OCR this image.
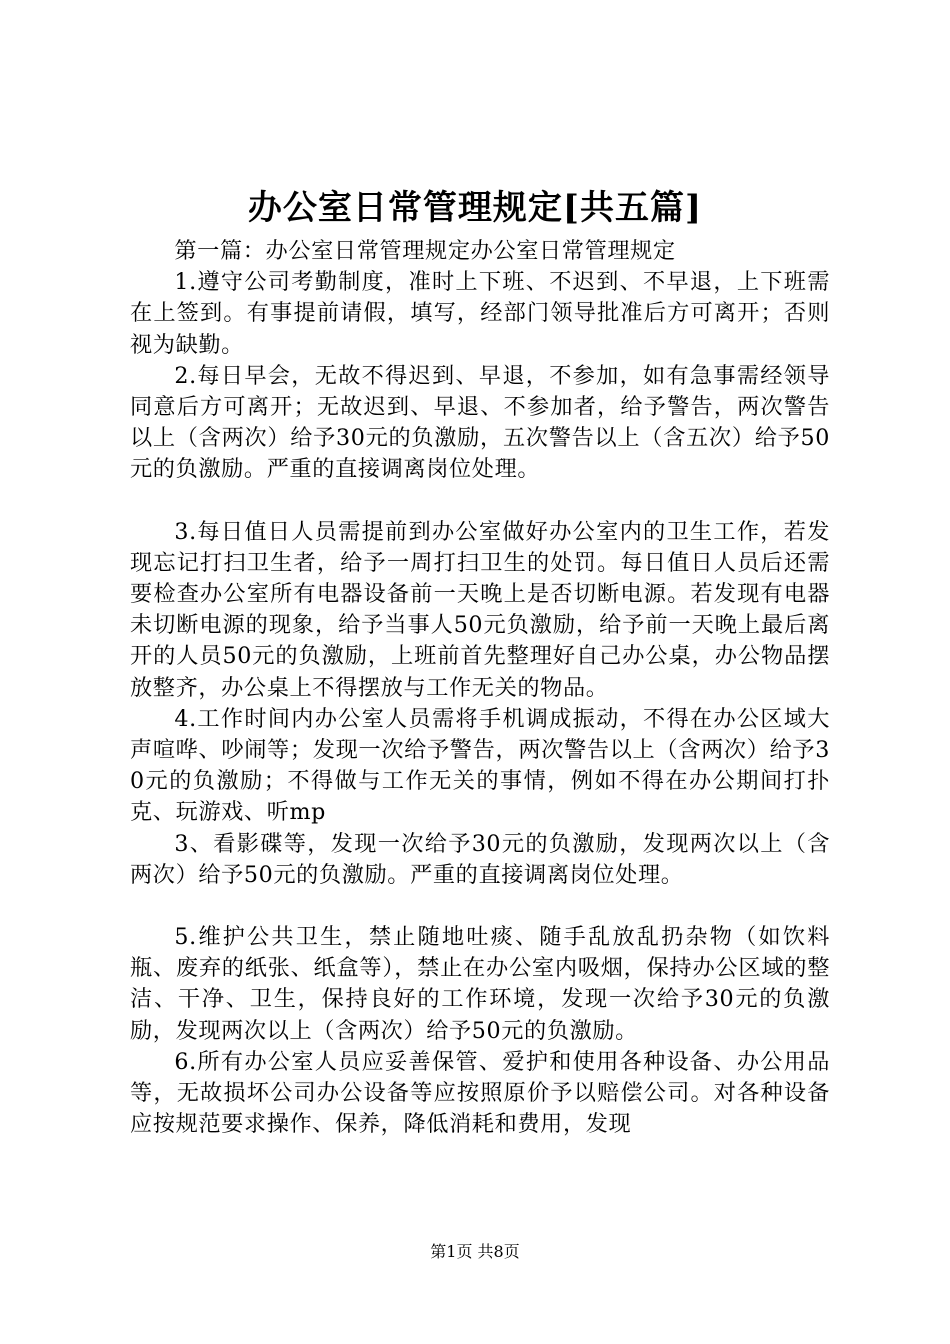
办公室日常管理规定[共五篇]

第一篇：办公室日常管理规定办公室日常管理规定

1.遵守公司考勤制度，准时上下班、不迟到、不早退，上下班需在上签到。有事提前请假，填写，经部门领导批准后方可离开；否则视为缺勤。

2.每日早会，无故不得迟到、早退，不参加，如有急事需经领导同意后方可离开；无故迟到、早退、不参加者，给予警告，两次警告以上（含两次）给予30元的负激励，五次警告以上（含五次）给予50元的负激励。严重的直接调离岗位处理。

3.每日值日人员需提前到办公室做好办公室内的卫生工作，若发现忘记打扫卫生者，给予一周打扫卫生的处罚。每日值日人员后还需要检查办公室所有电器设备前一天晚上是否切断电源。若发现有电器未切断电源的现象，给予当事人50元负激励，给予前一天晚上最后离开的人员50元的负激励，上班前首先整理好自己办公桌，办公物品摆放整齐，办公桌上不得摆放与工作无关的物品。

4.工作时间内办公室人员需将手机调成振动，不得在办公区域大声喧哗、吵闹等；发现一次给予警告，两次警告以上（含两次）给予30元的负激励；不得做与工作无关的事情，例如不得在办公期间打扑克、玩游戏、听mp

3、看影碟等，发现一次给予30元的负激励，发现两次以上（含两次）给予50元的负激励。严重的直接调离岗位处理。

5.维护公共卫生，禁止随地吐痰、随手乱放乱扔杂物（如饮料瓶、废弃的纸张、纸盒等），禁止在办公室内吸烟，保持办公区域的整洁、干净、卫生，保持良好的工作环境，发现一次给予30元的负激励，发现两次以上（含两次）给予50元的负激励。

6.所有办公室人员应妥善保管、爱护和使用各种设备、办公用品等，无故损坏公司办公设备等应按照原价予以赔偿公司。对各种设备应按规范要求操作、保养，降低消耗和费用，发现

第1页 共8页
